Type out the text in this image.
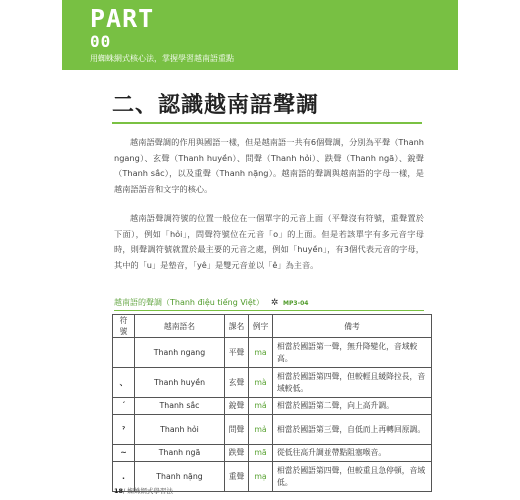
PART
00
用蜘蛛網式核心法，掌握學習越南語重點
二、認識越南語聲調

越南語聲調的作用與國語一樣，但是越南語一共有6個聲調，分別為平聲（Thanh ngang）、玄聲（Thanh huyền）、問聲（Thanh hỏi）、跌聲（Thanh ngã）、銳聲（Thanh sắc），以及重聲（Thanh nặng）。越南語的聲調與越南語的字母一樣，是越南語語音和文字的核心。

越南語聲調符號的位置一般位在一個單字的元音上面（平聲沒有符號，重聲置於下面），例如「hỏi」，問聲符號位在元音「o」的上面。但是若該單字有多元音字母時，則聲調符號就置於最主要的元音之處，例如「huyền」，有3個代表元音的字母，其中的「u」是墊音，「yê」是雙元音並以「ê」為主音。

越南語的聲調（Thanh điệu tiếng Việt） ✲ MP3-04
符號	越南語名	課名	例字	備考
	Thanh ngang	平聲	ma	相當於國語第一聲，無升降變化，音域較高。
、	Thanh huyền	玄聲	mà	相當於國語第四聲，但較輕且緩降拉長，音域較低。
ˊ	Thanh sắc	銳聲	má	相當於國語第二聲，向上高升調。
ˀ	Thanh hỏi	問聲	mả	相當於國語第三聲，自低而上再轉回原調。
~	Thanh ngã	跌聲	mã	從低往高升調並帶點阻塞喉音。
.	Thanh nặng	重聲	mạ	相當於國語第四聲，但較重且急停頓，音域低。
18/ 蜘蛛網式學習法
